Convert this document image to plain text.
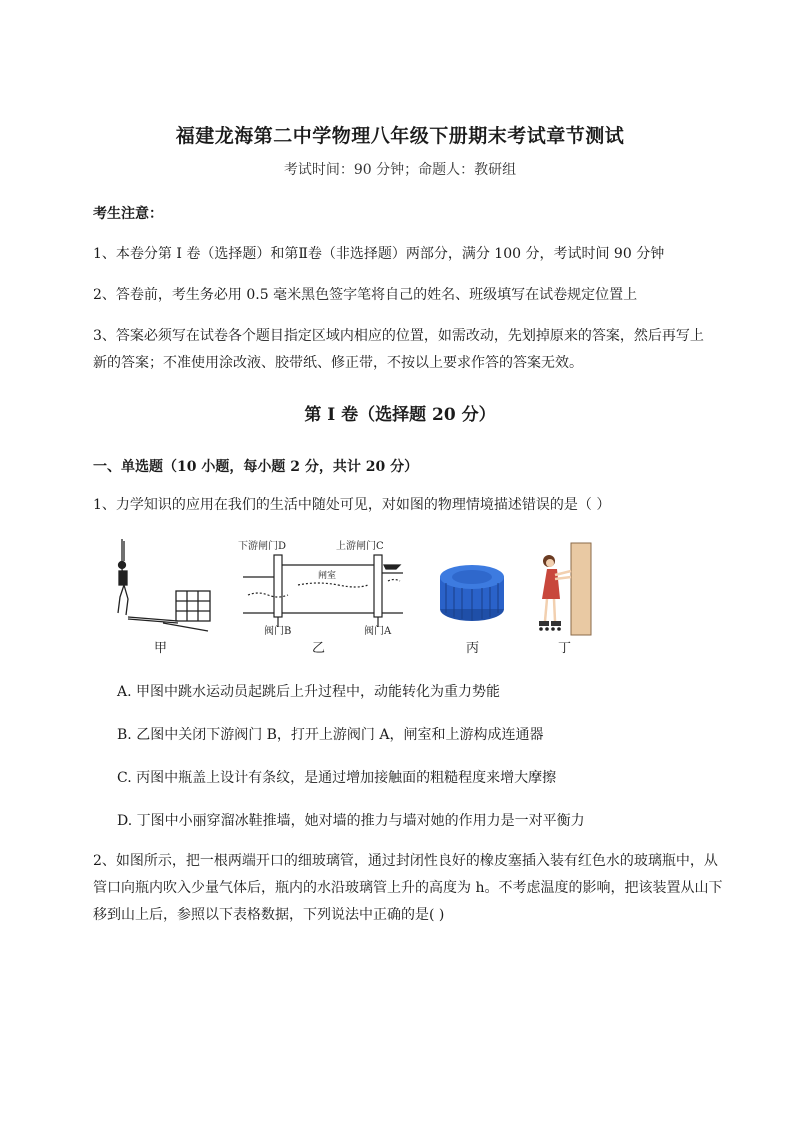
福建龙海第二中学物理八年级下册期末考试章节测试
考试时间：90 分钟；命题人：教研组
考生注意：
1、本卷分第 I 卷（选择题）和第Ⅱ卷（非选择题）两部分，满分 100 分，考试时间 90 分钟
2、答卷前，考生务必用 0.5 毫米黑色签字笔将自己的姓名、班级填写在试卷规定位置上
3、答案必须写在试卷各个题目指定区域内相应的位置，如需改动，先划掉原来的答案，然后再写上新的答案；不准使用涂改液、胶带纸、修正带，不按以上要求作答的答案无效。
第 I 卷（选择题 20 分）
一、单选题（10 小题，每小题 2 分，共计 20 分）
1、力学知识的应用在我们的生活中随处可见，对如图的物理情境描述错误的是（ ）
下游闸门D	上游闸门C
闸室
阀门B	阀门A
甲	乙	丙	丁
A. 甲图中跳水运动员起跳后上升过程中，动能转化为重力势能
B. 乙图中关闭下游阀门 B，打开上游阀门 A，闸室和上游构成连通器
C. 丙图中瓶盖上设计有条纹，是通过增加接触面的粗糙程度来增大摩擦
D. 丁图中小丽穿溜冰鞋推墙，她对墙的推力与墙对她的作用力是一对平衡力
2、如图所示，把一根两端开口的细玻璃管，通过封闭性良好的橡皮塞插入装有红色水的玻璃瓶中，从管口向瓶内吹入少量气体后，瓶内的水沿玻璃管上升的高度为 h。不考虑温度的影响，把该装置从山下移到山上后，参照以下表格数据，下列说法中正确的是( )
